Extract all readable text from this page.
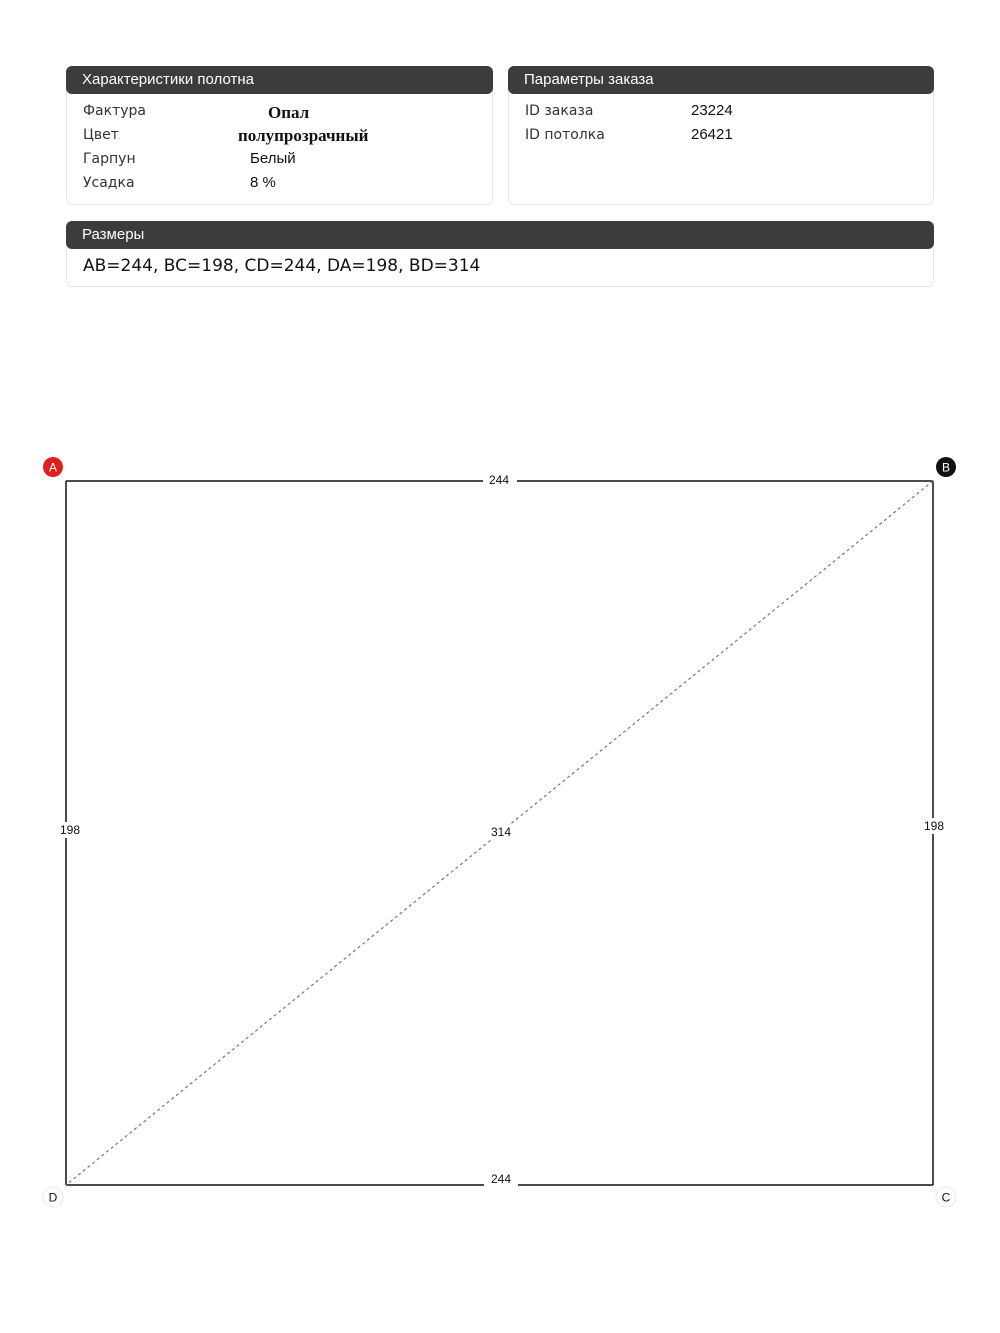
Характеристики полотна
Фактура	Опал
Цвет	полупрозрачный
Гарпун	Белый
Усадка	8 %
Параметры заказа
ID заказа	23224
ID потолка	26421
Размеры
AB=244, BC=198, CD=244, DA=198, BD=314
244
198
244
198	314
A	B
C
D
